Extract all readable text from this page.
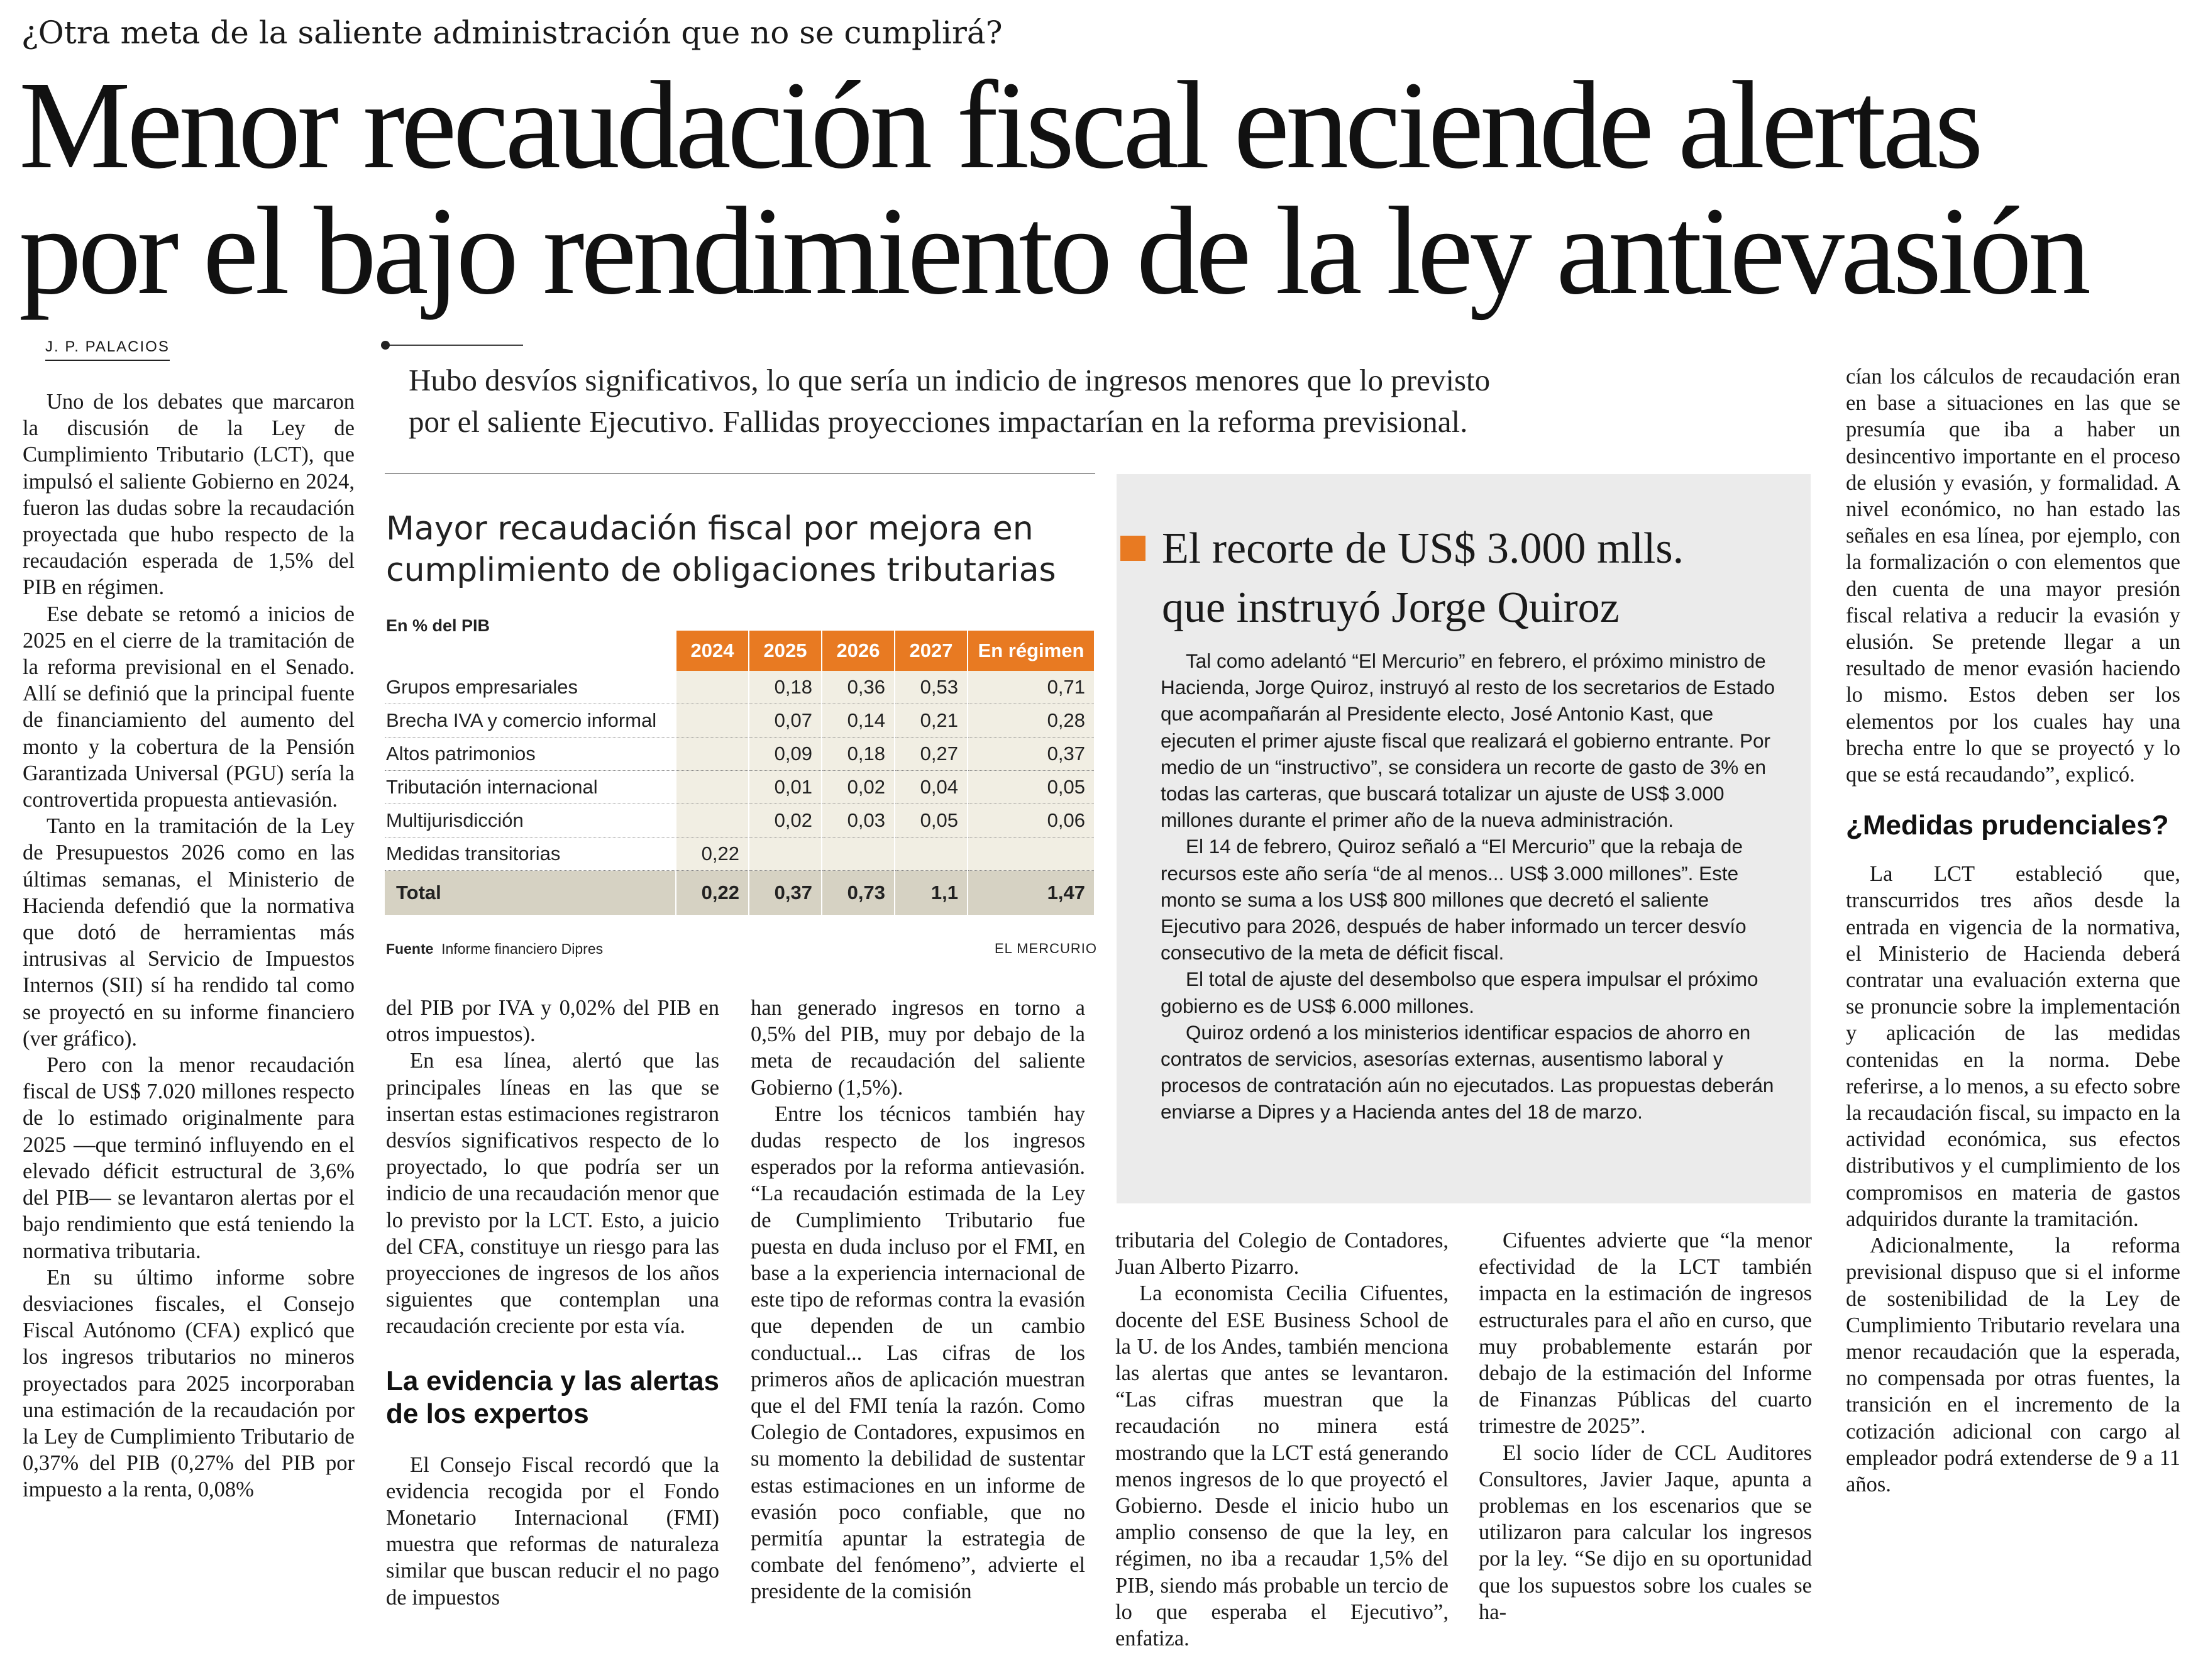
¿Otra meta de la saliente administración que no se cumplirá?
Menor recaudación fiscal enciende alertas
por el bajo rendimiento de la ley antievasión
J. P. PALACIOS
Hubo desvíos significativos, lo que sería un indicio de ingresos menores que lo previsto
por el saliente Ejecutivo. Fallidas proyecciones impactarían en la reforma previsional.

Uno de los debates que marcaron la discusión de la Ley de Cumplimiento Tributario (LCT), que impulsó el saliente Gobierno en 2024, fueron las dudas sobre la recaudación proyectada que hubo respecto de la recaudación esperada de 1,5% del PIB en régimen.

Ese debate se retomó a inicios de 2025 en el cierre de la tramitación de la reforma previsional en el Senado. Allí se definió que la principal fuente de financiamiento del aumento del monto y la cobertura de la Pensión Garantizada Universal (PGU) sería la controvertida propuesta antievasión.

Tanto en la tramitación de la Ley de Presupuestos 2026 como en las últimas semanas, el Ministerio de Hacienda defendió que la normativa que dotó de herramientas más intrusivas al Servicio de Impuestos Internos (SII) sí ha rendido tal como se proyectó en su informe financiero (ver gráfico).

Pero con la menor recaudación fiscal de US$ 7.020 millones respecto de lo estimado originalmente para 2025 —que terminó influyendo en el elevado déficit estructural de 3,6% del PIB— se levantaron alertas por el bajo rendimiento que está teniendo la normativa tributaria.

En su último informe sobre desviaciones fiscales, el Consejo Fiscal Autónomo (CFA) explicó que los ingresos tributarios no mineros proyectados para 2025 incorporaban una estimación de la recaudación por la Ley de Cumplimiento Tributario de 0,37% del PIB (0,27% del PIB por impuesto a la renta, 0,08%

Mayor recaudación fiscal por mejora en cumplimiento de obligaciones tributarias
En % del PIB
	2024	2025	2026	2027	En régimen
Grupos empresariales		0,18	0,36	0,53	0,71
Brecha IVA y comercio informal		0,07	0,14	0,21	0,28
Altos patrimonios		0,09	0,18	0,27	0,37
Tributación internacional		0,01	0,02	0,04	0,05
Multijurisdicción		0,02	0,03	0,05	0,06
Medidas transitorias	0,22				
Total	0,22	0,37	0,73	1,1	1,47
Fuente Informe financiero Dipres	EL MERCURIO

del PIB por IVA y 0,02% del PIB en otros impuestos).

En esa línea, alertó que las principales líneas en las que se insertan estas estimaciones registraron desvíos significativos respecto de lo proyectado, lo que podría ser un indicio de una recaudación menor que lo previsto por la LCT. Esto, a juicio del CFA, constituye un riesgo para las proyecciones de ingresos de los años siguientes que contemplan una recaudación creciente por esta vía.

La evidencia y las alertas de los expertos

El Consejo Fiscal recordó que la evidencia recogida por el Fondo Monetario Internacional (FMI) muestra que reformas de naturaleza similar que buscan reducir el no pago de impuestos

han generado ingresos en torno a 0,5% del PIB, muy por debajo de la meta de recaudación del saliente Gobierno (1,5%).

Entre los técnicos también hay dudas respecto de los ingresos esperados por la reforma antievasión. “La recaudación estimada de la Ley de Cumplimiento Tributario fue puesta en duda incluso por el FMI, en base a la experiencia internacional de este tipo de reformas contra la evasión que dependen de un cambio conductual... Las cifras de los primeros años de aplicación muestran que el del FMI tenía la razón. Como Colegio de Contadores, expusimos en su momento la debilidad de sustentar estas estimaciones en un informe de evasión poco confiable, que no permitía apuntar la estrategia de combate del fenómeno”, advierte el presidente de la comisión

El recorte de US$ 3.000 mlls.
que instruyó Jorge Quiroz

Tal como adelantó “El Mercurio” en febrero, el próximo ministro de Hacienda, Jorge Quiroz, instruyó al resto de los secretarios de Estado que acompañarán al Presidente electo, José Antonio Kast, que ejecuten el primer ajuste fiscal que realizará el gobierno entrante. Por medio de un “instructivo”, se considera un recorte de gasto de 3% en todas las carteras, que buscará totalizar un ajuste de US$ 3.000 millones durante el primer año de la nueva administración.

El 14 de febrero, Quiroz señaló a “El Mercurio” que la rebaja de recursos este año sería “de al menos... US$ 3.000 millones”. Este monto se suma a los US$ 800 millones que decretó el saliente Ejecutivo para 2026, después de haber informado un tercer desvío consecutivo de la meta de déficit fiscal.

El total de ajuste del desembolso que espera impulsar el próximo gobierno es de US$ 6.000 millones.

Quiroz ordenó a los ministerios identificar espacios de ahorro en contratos de servicios, asesorías externas, ausentismo laboral y procesos de contratación aún no ejecutados. Las propuestas deberán enviarse a Dipres y a Hacienda antes del 18 de marzo.

tributaria del Colegio de Contadores, Juan Alberto Pizarro.

La economista Cecilia Cifuentes, docente del ESE Business School de la U. de los Andes, también menciona las alertas que antes se levantaron. “Las cifras muestran que la recaudación no minera está mostrando que la LCT está generando menos ingresos de lo que proyectó el Gobierno. Desde el inicio hubo un amplio consenso de que la ley, en régimen, no iba a recaudar 1,5% del PIB, siendo más probable un tercio de lo que esperaba el Ejecutivo”, enfatiza.

Cifuentes advierte que “la menor efectividad de la LCT también impacta en la estimación de ingresos estructurales para el año en curso, que muy probablemente estarán por debajo de la estimación del Informe de Finanzas Públicas del cuarto trimestre de 2025”.

El socio líder de CCL Auditores Consultores, Javier Jaque, apunta a problemas en los escenarios que se utilizaron para calcular los ingresos por la ley. “Se dijo en su oportunidad que los supuestos sobre los cuales se ha-

cían los cálculos de recaudación eran en base a situaciones en las que se presumía que iba a haber un desincentivo importante en el proceso de elusión y evasión, y formalidad. A nivel económico, no han estado las señales en esa línea, por ejemplo, con la formalización o con elementos que den cuenta de una mayor presión fiscal relativa a reducir la evasión y elusión. Se pretende llegar a un resultado de menor evasión haciendo lo mismo. Estos deben ser los elementos por los cuales hay una brecha entre lo que se proyectó y lo que se está recaudando”, explicó.

¿Medidas prudenciales?

La LCT estableció que, transcurridos tres años desde la entrada en vigencia de la normativa, el Ministerio de Hacienda deberá contratar una evaluación externa que se pronuncie sobre la implementación y aplicación de las medidas contenidas en la norma. Debe referirse, a lo menos, a su efecto sobre la recaudación fiscal, su impacto en la actividad económica, sus efectos distributivos y el cumplimiento de los compromisos en materia de gastos adquiridos durante la tramitación.

Adicionalmente, la reforma previsional dispuso que si el informe de sostenibilidad de la Ley de Cumplimiento Tributario revelara una menor recaudación que la esperada, no compensada por otras fuentes, la transición en el incremento de la cotización adicional con cargo al empleador podrá extenderse de 9 a 11 años.
